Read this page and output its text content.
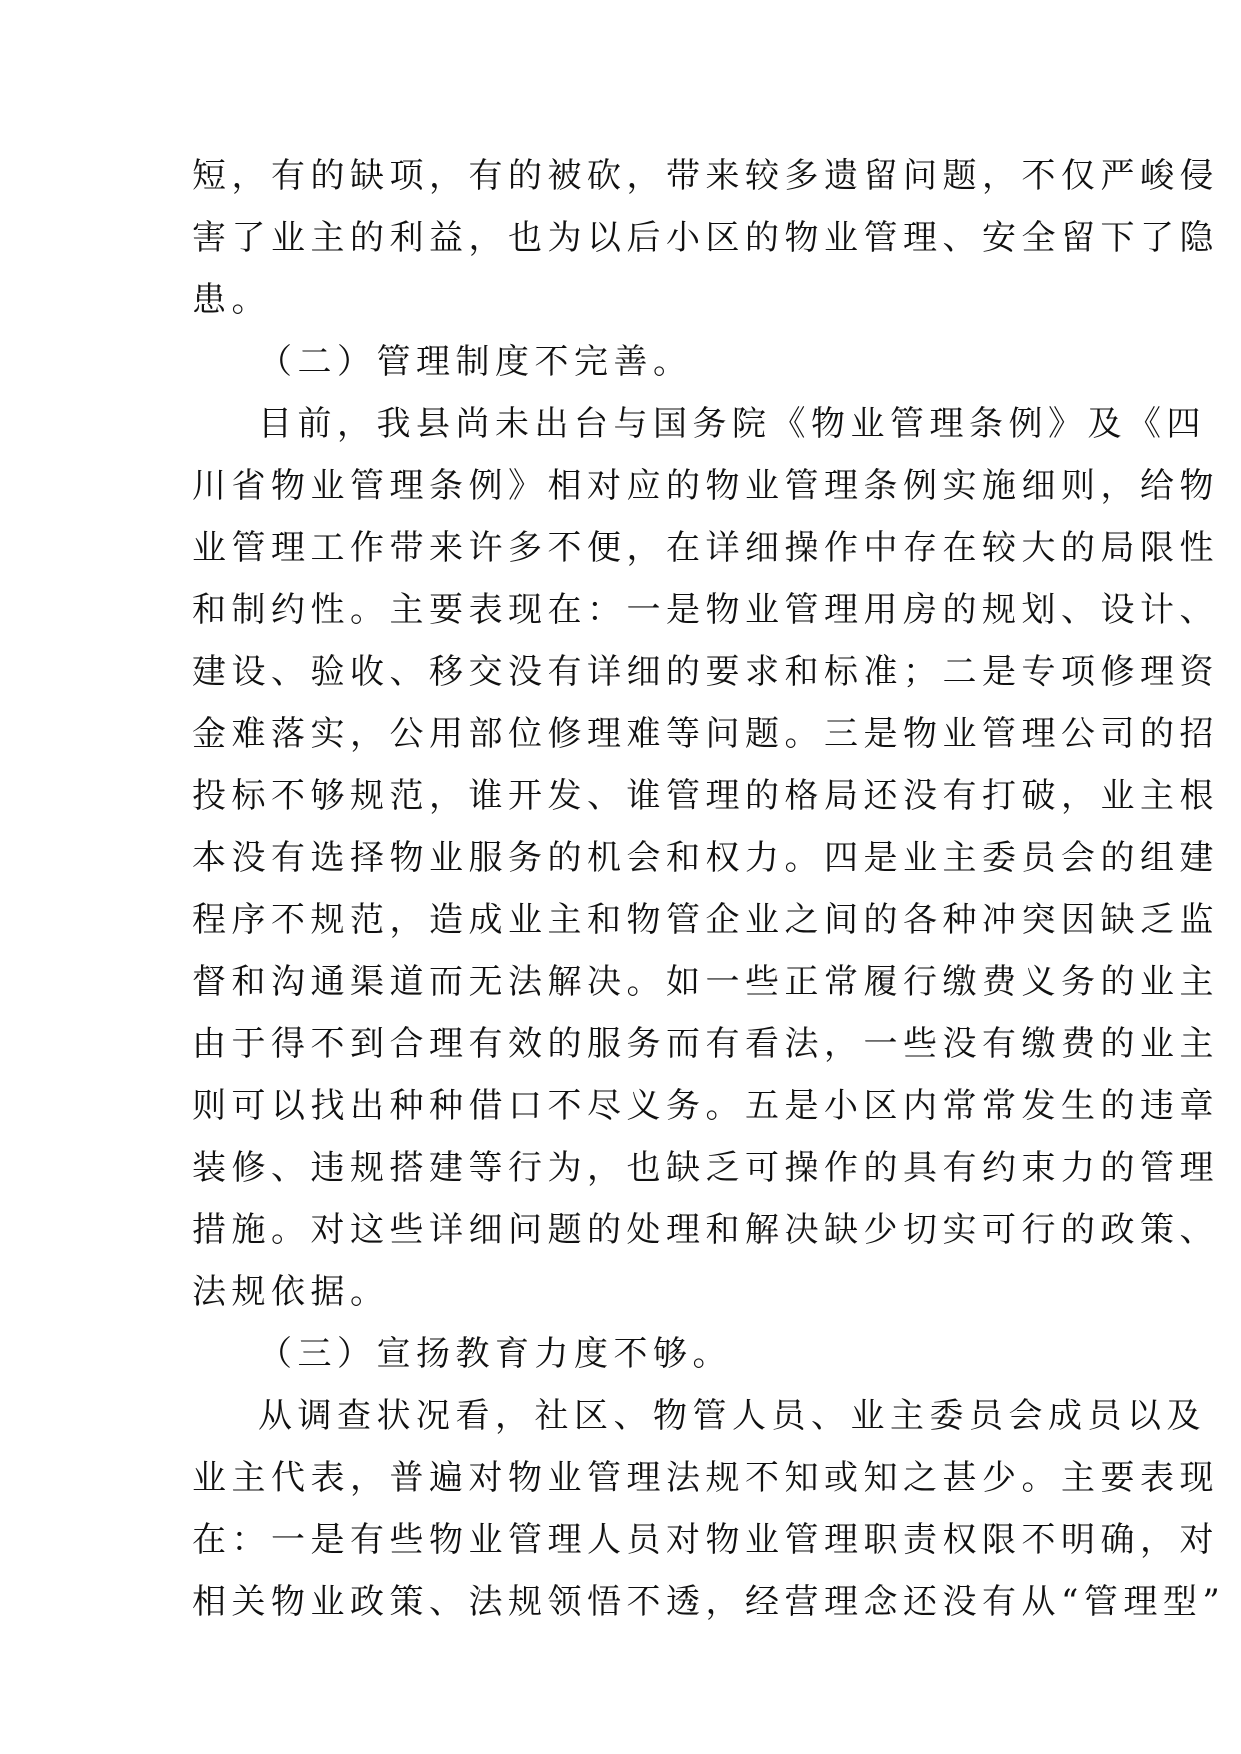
短，有的缺项，有的被砍，带来较多遗留问题，不仅严峻侵
害了业主的利益，也为以后小区的物业管理、安全留下了隐
患。
（二）管理制度不完善。
目前，我县尚未出台与国务院《物业管理条例》及《四
川省物业管理条例》相对应的物业管理条例实施细则，给物
业管理工作带来许多不便，在详细操作中存在较大的局限性
和制约性。主要表现在：一是物业管理用房的规划、设计、
建设、验收、移交没有详细的要求和标准；二是专项修理资
金难落实，公用部位修理难等问题。三是物业管理公司的招
投标不够规范，谁开发、谁管理的格局还没有打破，业主根
本没有选择物业服务的机会和权力。四是业主委员会的组建
程序不规范，造成业主和物管企业之间的各种冲突因缺乏监
督和沟通渠道而无法解决。如一些正常履行缴费义务的业主
由于得不到合理有效的服务而有看法，一些没有缴费的业主
则可以找出种种借口不尽义务。五是小区内常常发生的违章
装修、违规搭建等行为，也缺乏可操作的具有约束力的管理
措施。对这些详细问题的处理和解决缺少切实可行的政策、
法规依据。
（三）宣扬教育力度不够。
从调查状况看，社区、物管人员、业主委员会成员以及
业主代表，普遍对物业管理法规不知或知之甚少。主要表现
在：一是有些物业管理人员对物业管理职责权限不明确，对
相关物业政策、法规领悟不透，经营理念还没有从“管理型”
